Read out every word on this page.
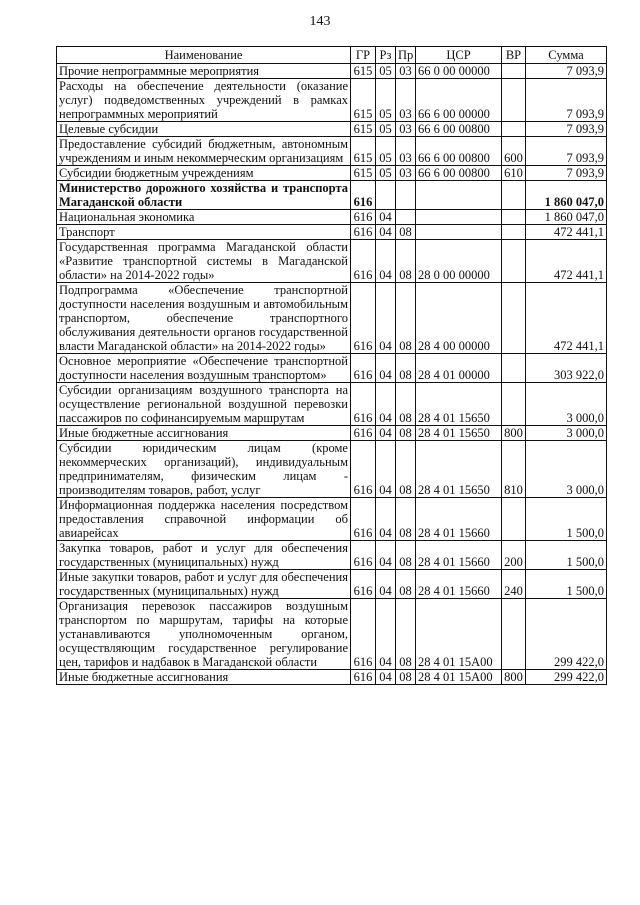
143
Наименование	ГР	Рз	Пр	ЦСР	ВР	Сумма
Прочие непрограммные мероприятия	615	05	03	66 0 00 00000		7 093,9
Расходы на обеспечение деятельности (оказание услуг) подведомственных учреждений в рамках непрограммных мероприятий	615	05	03	66 6 00 00000		7 093,9
Целевые субсидии	615	05	03	66 6 00 00800		7 093,9
Предоставление субсидий бюджетным, автономным учреждениям и иным некоммерческим организациям	615	05	03	66 6 00 00800	600	7 093,9
Субсидии бюджетным учреждениям	615	05	03	66 6 00 00800	610	7 093,9
Министерство дорожного хозяйства и транспорта Магаданской области	616					1 860 047,0
Национальная экономика	616	04				1 860 047,0
Транспорт	616	04	08			472 441,1
Государственная программа Магаданской области «Развитие транспортной системы в Магаданской области» на 2014-2022 годы»	616	04	08	28 0 00 00000		472 441,1
Подпрограмма «Обеспечение транспортной доступности населения воздушным и автомобильным транспортом, обеспечение транспортного обслуживания деятельности органов государственной власти Магаданской области» на 2014-2022 годы»	616	04	08	28 4 00 00000		472 441,1
Основное мероприятие «Обеспечение транспортной доступности населения воздушным транспортом»	616	04	08	28 4 01 00000		303 922,0
Субсидии организациям воздушного транспорта на осуществление региональной воздушной перевозки пассажиров по софинансируемым маршрутам	616	04	08	28 4 01 15650		3 000,0
Иные бюджетные ассигнования	616	04	08	28 4 01 15650	800	3 000,0
Субсидии юридическим лицам (кроме некоммерческих организаций), индивидуальным предпринимателям, физическим лицам - производителям товаров, работ, услуг	616	04	08	28 4 01 15650	810	3 000,0
Информационная поддержка населения посредством предоставления справочной информации об авиарейсах	616	04	08	28 4 01 15660		1 500,0
Закупка товаров, работ и услуг для обеспечения государственных (муниципальных) нужд	616	04	08	28 4 01 15660	200	1 500,0
Иные закупки товаров, работ и услуг для обеспечения государственных (муниципальных) нужд	616	04	08	28 4 01 15660	240	1 500,0
Организация перевозок пассажиров воздушным транспортом по маршрутам, тарифы на которые устанавливаются уполномоченным органом, осуществляющим государственное регулирование цен, тарифов и надбавок в Магаданской области	616	04	08	28 4 01 15А00		299 422,0
Иные бюджетные ассигнования	616	04	08	28 4 01 15А00	800	299 422,0
